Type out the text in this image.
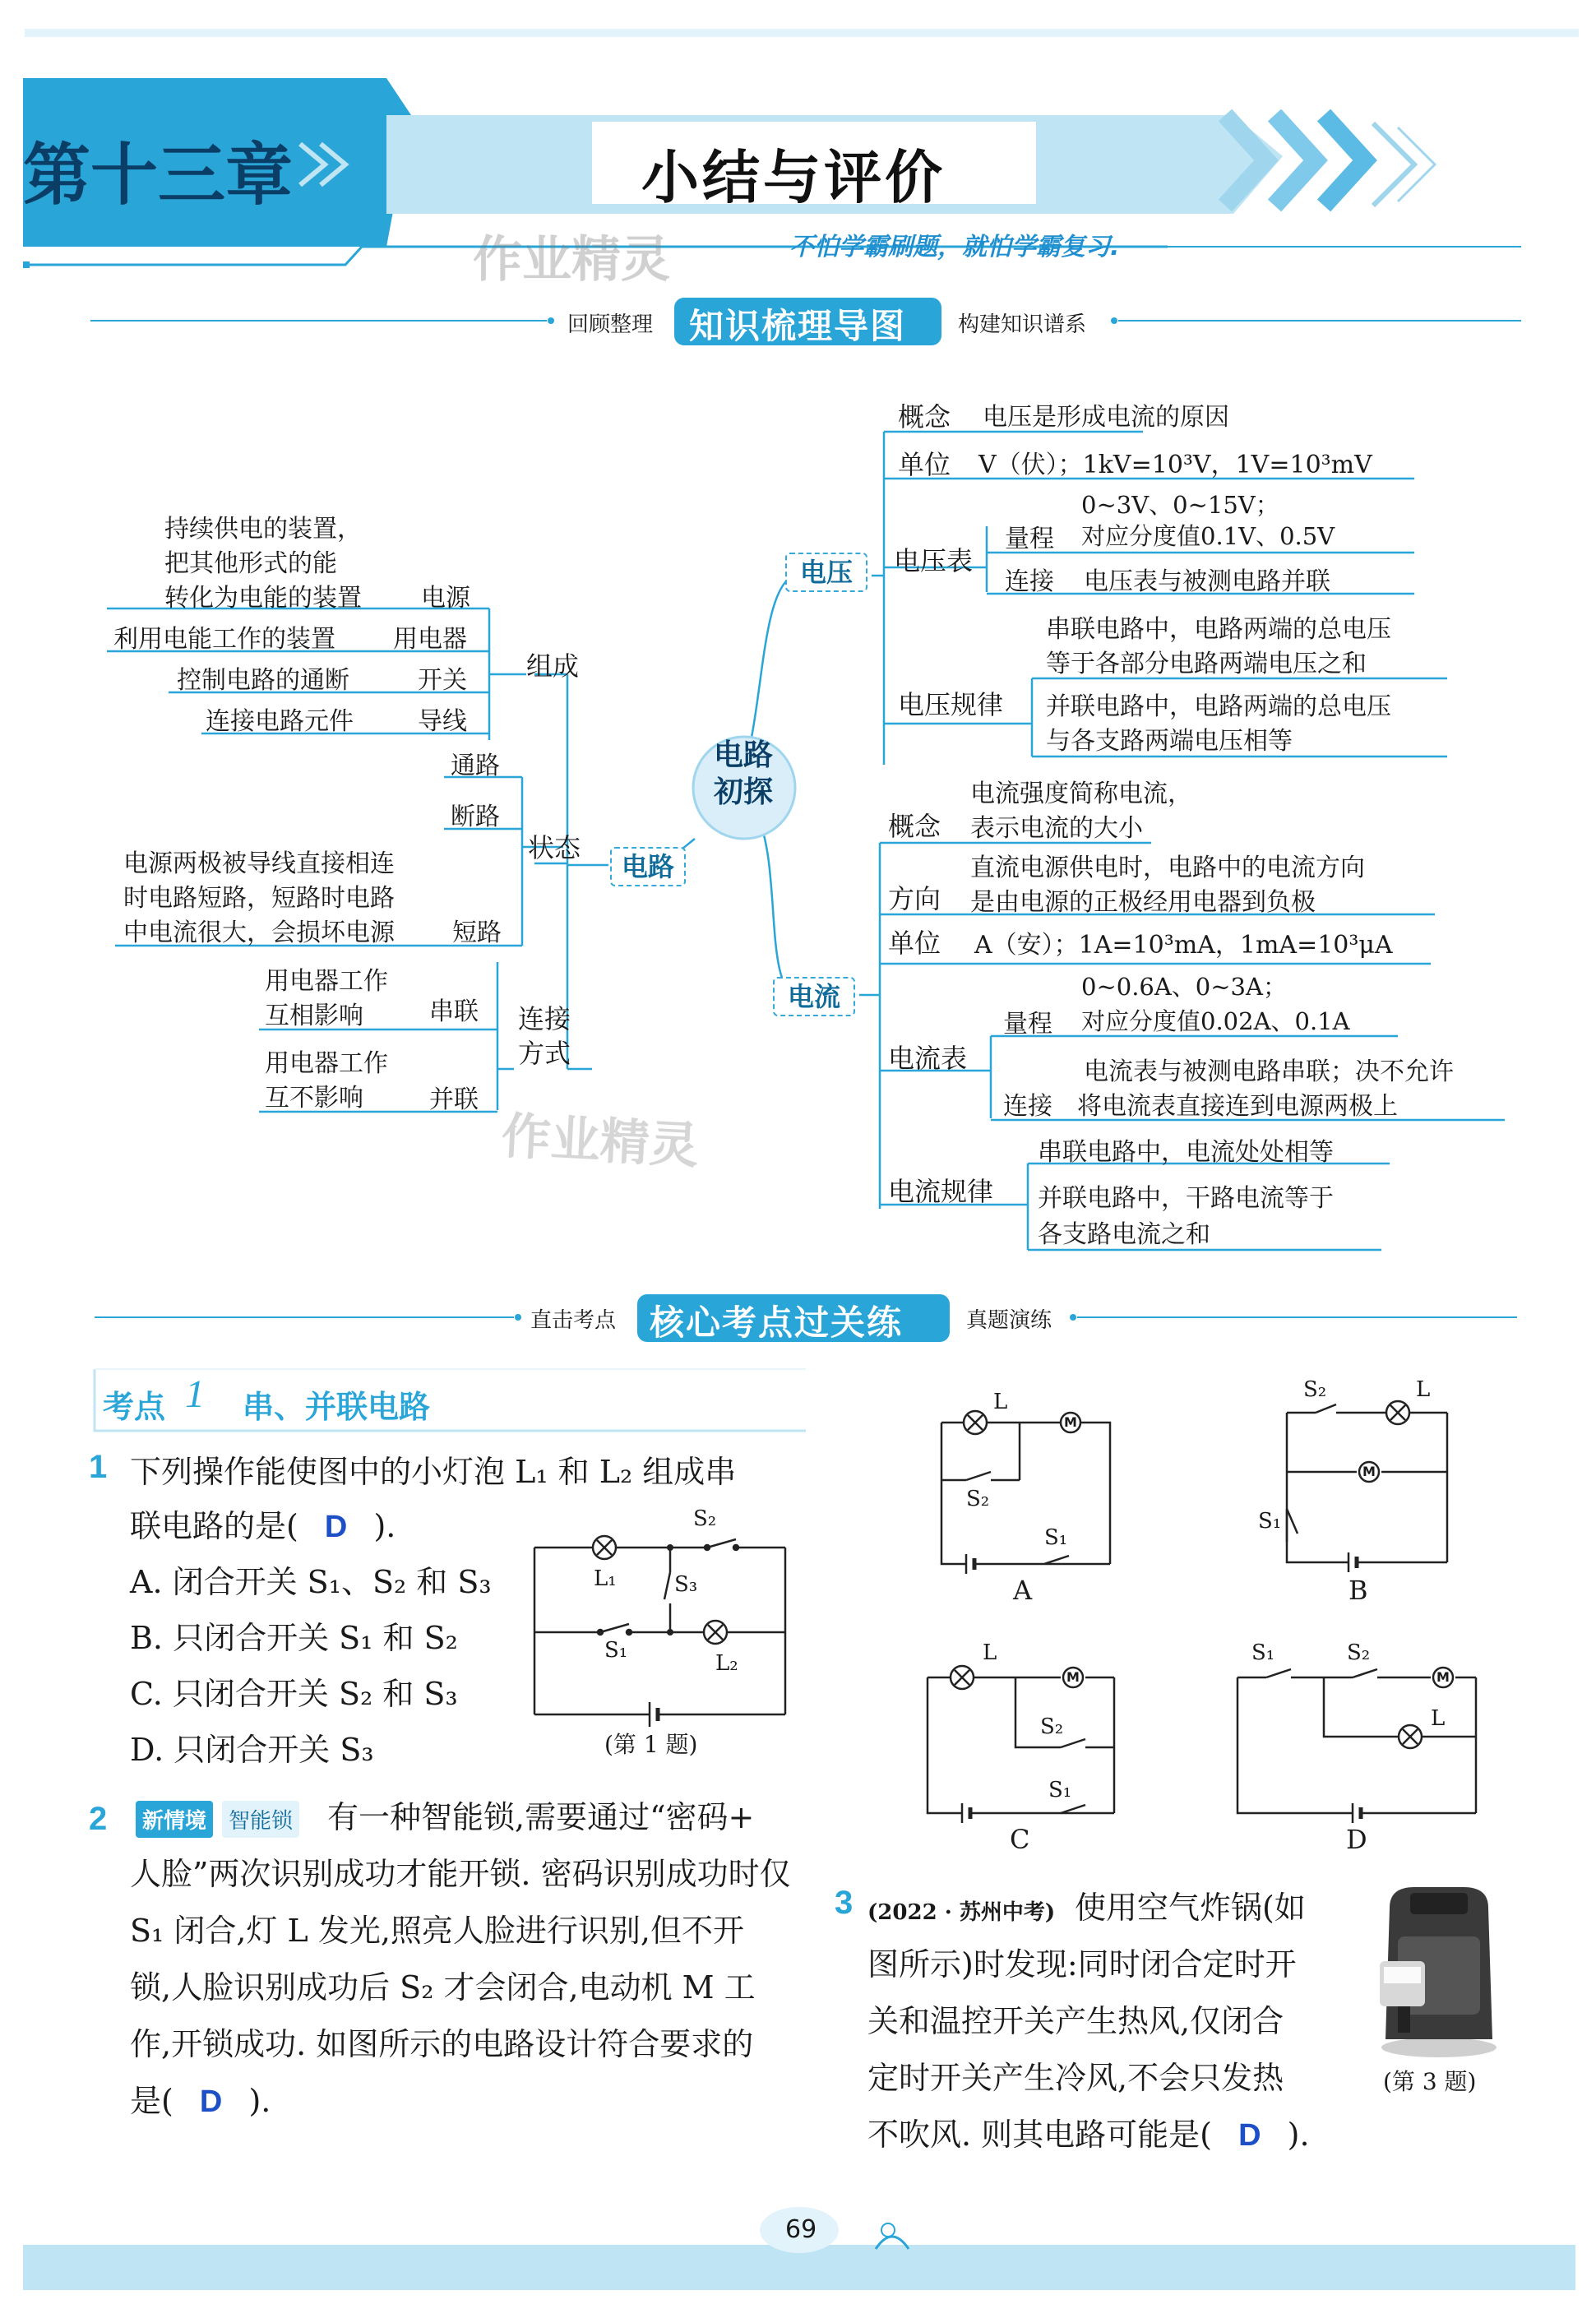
第十三章	小结与评价
作业精灵	不怕学霸刷题，就怕学霸复习.
回顾整理 知识梳理导图 构建知识谱系
电路
初探
电路
组成
持续供电的装置，
把其他形式的能
转化为电能的装置 电源
利用电能工作的装置 用电器
控制电路的通断	开关
连接电路元件	导线
状态
通路
断路
电源两极被导线直接相连
时电路短路，短路时电路
中电流很大，会损坏电源 短路
连接
方式
用电器工作
互相影响	串联
用电器工作
互不影响	并联
电压
概念 电压是形成电流的原因
单位 V（伏）；1kV=10³V，1V=10³mV
电压表
0~3V、0~15V；
量程 对应分度值0.1V、0.5V
连接 电压表与被测电路并联
电压规律
串联电路中，电路两端的总电压
等于各部分电路两端电压之和
并联电路中，电路两端的总电压
与各支路两端电压相等
电流
电流强度简称电流，
概念 表示电流的大小
直流电源供电时，电路中的电流方向
方向 是由电源的正极经用电器到负极
单位 A（安）；1A=10³mA，1mA=10³μA
0~0.6A、0~3A；
量程 对应分度值0.02A、0.1A
电流表	电流表与被测电路串联；决不允许
连接 将电流表直接连到电源两极上
串联电路中，电流处处相等
电流规律 并联电路中，干路电流等于
各支路电流之和
作业精灵
直击考点 核心考点过关练	真题演练
考点 1 串、并联电路
1 下列操作能使图中的小灯泡 L₁ 和 L₂ 组成串
联电路的是( D ).
A. 闭合开关 S₁、S₂ 和 S₃
B. 只闭合开关 S₁ 和 S₂
C. 只闭合开关 S₂ 和 S₃
D. 只闭合开关 S₃
S₂
L₁	S₃
S₁
L₂
(第 1 题)
2	新情境	智能锁 有一种智能锁,需要通过“密码+
人脸”两次识别成功才能开锁. 密码识别成功时仅
S₁ 闭合,灯 L 发光,照亮人脸进行识别,但不开
锁,人脸识别成功后 S₂ 才会闭合,电动机 M 工
作,开锁成功. 如图所示的电路设计符合要求的
是( D ).
L
M
S₂
S₁
A
S₂	L
M
S₁
B
L
M
S₂
S₁
C
S₁	S₂
M
L
D
3 (2022 · 苏州中考) 使用空气炸锅(如
图所示)时发现:同时闭合定时开
关和温控开关产生热风,仅闭合
定时开关产生冷风,不会只发热
不吹风. 则其电路可能是( D ).
(第 3 题)
69
